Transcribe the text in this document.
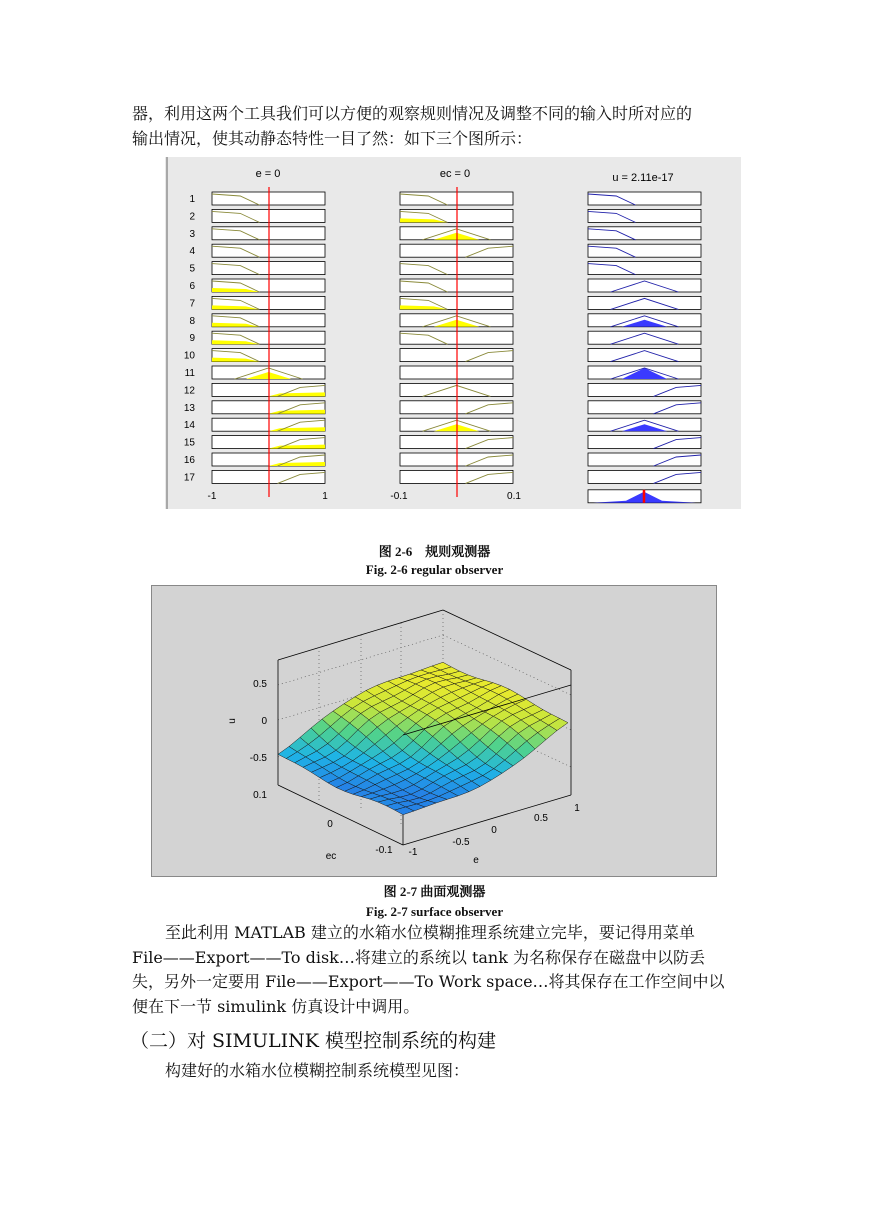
器，利用这两个工具我们可以方便的观察规则情况及调整不同的输入时所对应的
输出情况，使其动静态特性一目了然：如下三个图所示：
e = 0	ec = 0	u = 2.11e-17
1
2
3
4
5
6
7
8
9
10
11
12
13
14
15
16
17
-1	1	-0.1	0.1
图 2-6　规则观测器
Fig. 2-6 regular observer
0.5
0
-0.5
u
0.1
0
-0.1
ec	-1
-0.5
0
0.5
1
e
图 2-7 曲面观测器
Fig. 2-7 surface observer
至此利用 MATLAB 建立的水箱水位模糊推理系统建立完毕，要记得用菜单
File——Export——To disk…将建立的系统以 tank 为名称保存在磁盘中以防丢
失，另外一定要用 File——Export——To Work space…将其保存在工作空间中以
便在下一节 simulink 仿真设计中调用。
（二）对 SIMULINK 模型控制系统的构建
构建好的水箱水位模糊控制系统模型见图：
